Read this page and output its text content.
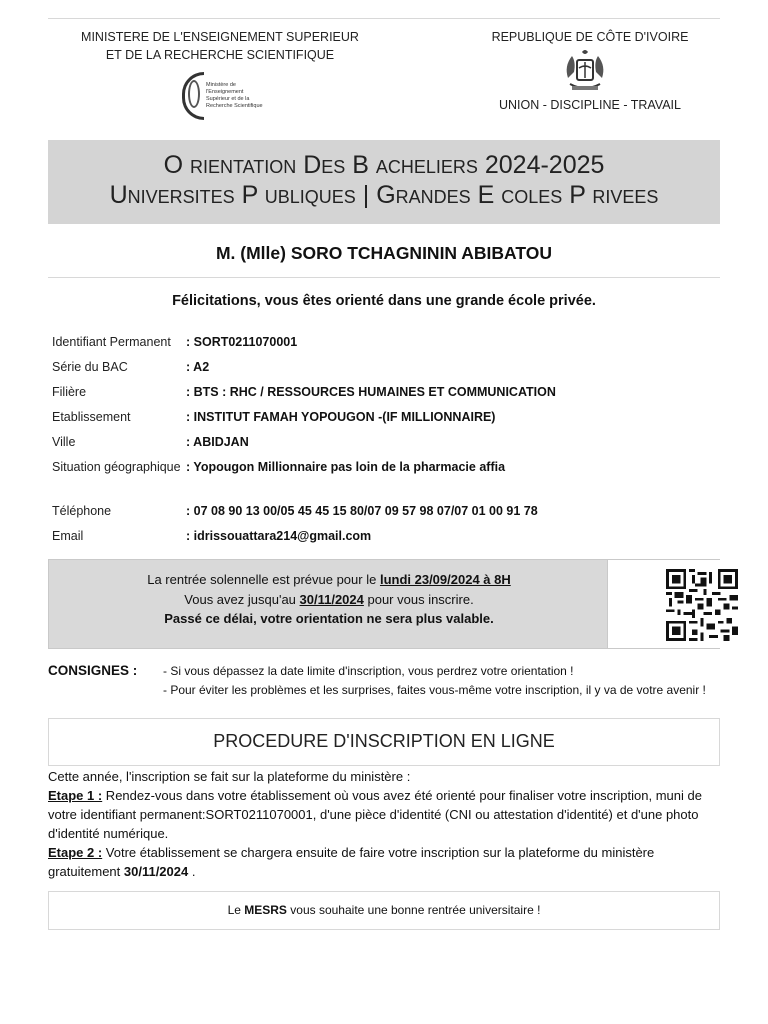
MINISTERE DE L'ENSEIGNEMENT SUPERIEUR
ET DE LA RECHERCHE SCIENTIFIQUE
Ministère de l'Enseignement
Supérieur et de la
Recherche Scientifique
REPUBLIQUE DE CÔTE D'IVOIRE
UNION - DISCIPLINE - TRAVAIL
O rientation Des B acheliers 2024-2025
Universites P ubliques | Grandes E coles P rivees
M. (Mlle) SORO TCHAGNININ ABIBATOU
Félicitations, vous êtes orienté dans une grande école privée.
Identifiant Permanent	: SORT0211070001
Série du BAC	: A2
Filière	: BTS : RHC / RESSOURCES HUMAINES ET COMMUNICATION
Etablissement	: INSTITUT FAMAH YOPOUGON -(IF MILLIONNAIRE)
Ville	: ABIDJAN
Situation géographique : Yopougon Millionnaire pas loin de la pharmacie affia
Téléphone	: 07 08 90 13 00/05 45 45 15 80/07 09 57 98 07/07 01 00 91 78
Email	: idrissouattara214@gmail.com
La rentrée solennelle est prévue pour le lundi 23/09/2024 à 8H
Vous avez jusqu'au 30/11/2024 pour vous inscrire.
Passé ce délai, votre orientation ne sera plus valable.
CONSIGNES : - Si vous dépassez la date limite d'inscription, vous perdrez votre orientation !
- Pour éviter les problèmes et les surprises, faites vous-même votre inscription, il y va de votre avenir !
PROCEDURE D'INSCRIPTION EN LIGNE
Cette année, l'inscription se fait sur la plateforme du ministère :
Etape 1 : Rendez-vous dans votre établissement où vous avez été orienté pour finaliser votre inscription, muni de votre identifiant permanent:SORT0211070001, d'une pièce d'identité (CNI ou attestation d'identité) et d'une photo d'identité numérique.
Etape 2 : Votre établissement se chargera ensuite de faire votre inscription sur la plateforme du ministère gratuitement 30/11/2024 .
Le MESRS vous souhaite une bonne rentrée universitaire !
